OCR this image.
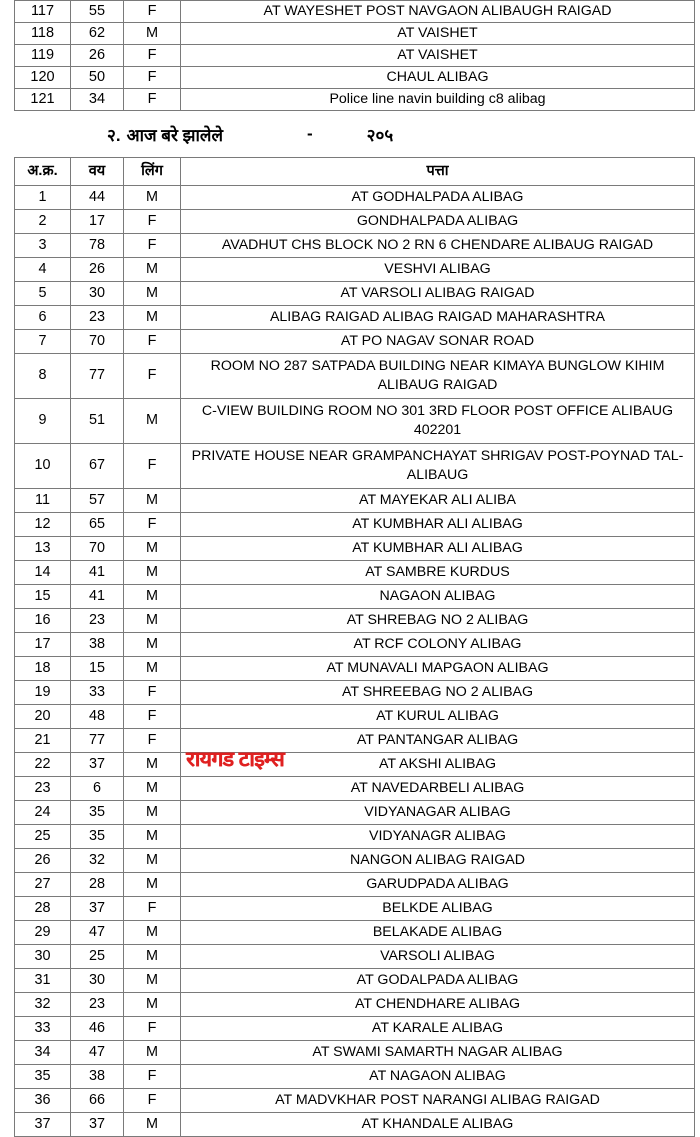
117	55	F	AT WAYESHET POST NAVGAON ALIBAUGH RAIGAD
118	62	M	AT VAISHET
119	26	F	AT VAISHET
120	50	F	CHAUL ALIBAG
121	34	F	Police line navin building c8 alibag
२. आज बरे झालेले	-	२०५
अ.क्र.	वय	लिंग	पत्ता
1	44	M	AT GODHALPADA ALIBAG
2	17	F	GONDHALPADA ALIBAG
3	78	F	AVADHUT CHS BLOCK NO 2 RN 6 CHENDARE ALIBAUG RAIGAD
4	26	M	VESHVI ALIBAG
5	30	M	AT VARSOLI ALIBAG RAIGAD
6	23	M	ALIBAG RAIGAD ALIBAG RAIGAD MAHARASHTRA
7	70	F	AT PO NAGAV SONAR ROAD
8	77	F	ROOM NO 287 SATPADA BUILDING NEAR KIMAYA BUNGLOW KIHIM ALIBAUG RAIGAD
9	51	M	C-VIEW BUILDING ROOM NO 301 3RD FLOOR POST OFFICE ALIBAUG 402201
10	67	F	PRIVATE HOUSE NEAR GRAMPANCHAYAT SHRIGAV POST-POYNAD TAL-ALIBAUG
11	57	M	AT MAYEKAR ALI ALIBA
12	65	F	AT KUMBHAR ALI ALIBAG
13	70	M	AT KUMBHAR ALI ALIBAG
14	41	M	AT SAMBRE KURDUS
15	41	M	NAGAON ALIBAG
16	23	M	AT SHREBAG NO 2 ALIBAG
17	38	M	AT RCF COLONY ALIBAG
18	15	M	AT MUNAVALI MAPGAON ALIBAG
19	33	F	AT SHREEBAG NO 2 ALIBAG
20	48	F	AT KURUL ALIBAG
21	77	F	AT PANTANGAR ALIBAG
22	37	M	AT AKSHI ALIBAG
23	6	M	AT NAVEDARBELI ALIBAG
24	35	M	VIDYANAGAR ALIBAG
25	35	M	VIDYANAGR ALIBAG
26	32	M	NANGON ALIBAG RAIGAD
27	28	M	GARUDPADA ALIBAG
28	37	F	BELKDE ALIBAG
29	47	M	BELAKADE ALIBAG
30	25	M	VARSOLI ALIBAG
31	30	M	AT GODALPADA ALIBAG
32	23	M	AT CHENDHARE ALIBAG
33	46	F	AT KARALE ALIBAG
34	47	M	AT SWAMI SAMARTH NAGAR ALIBAG
35	38	F	AT NAGAON ALIBAG
36	66	F	AT MADVKHAR POST NARANGI ALIBAG RAIGAD
37	37	M	AT KHANDALE ALIBAG
रायगड टाइम्स
